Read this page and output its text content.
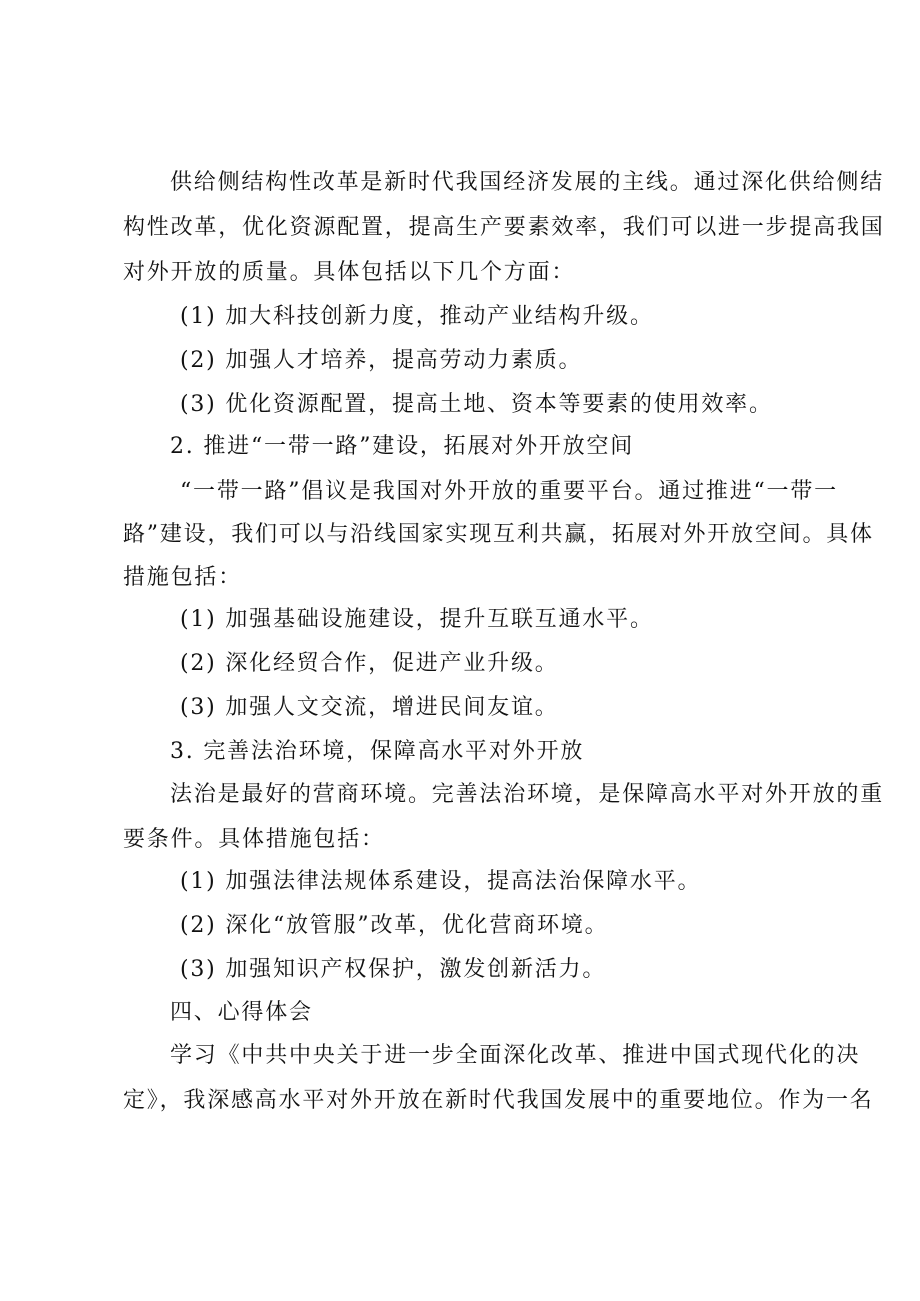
供给侧结构性改革是新时代我国经济发展的主线。通过深化供给侧结
构性改革，优化资源配置，提高生产要素效率，我们可以进一步提高我国
对外开放的质量。具体包括以下几个方面：
(1) 加大科技创新力度，推动产业结构升级。
(2) 加强人才培养，提高劳动力素质。
(3) 优化资源配置，提高土地、资本等要素的使用效率。
2. 推进“一带一路”建设，拓展对外开放空间
“一带一路”倡议是我国对外开放的重要平台。通过推进“一带一
路”建设，我们可以与沿线国家实现互利共赢，拓展对外开放空间。具体
措施包括：
(1) 加强基础设施建设，提升互联互通水平。
(2) 深化经贸合作，促进产业升级。
(3) 加强人文交流，增进民间友谊。
3. 完善法治环境，保障高水平对外开放
法治是最好的营商环境。完善法治环境，是保障高水平对外开放的重
要条件。具体措施包括：
(1) 加强法律法规体系建设，提高法治保障水平。
(2) 深化“放管服”改革，优化营商环境。
(3) 加强知识产权保护，激发创新活力。
四、心得体会
学习《中共中央关于进一步全面深化改革、推进中国式现代化的决
定》，我深感高水平对外开放在新时代我国发展中的重要地位。作为一名
